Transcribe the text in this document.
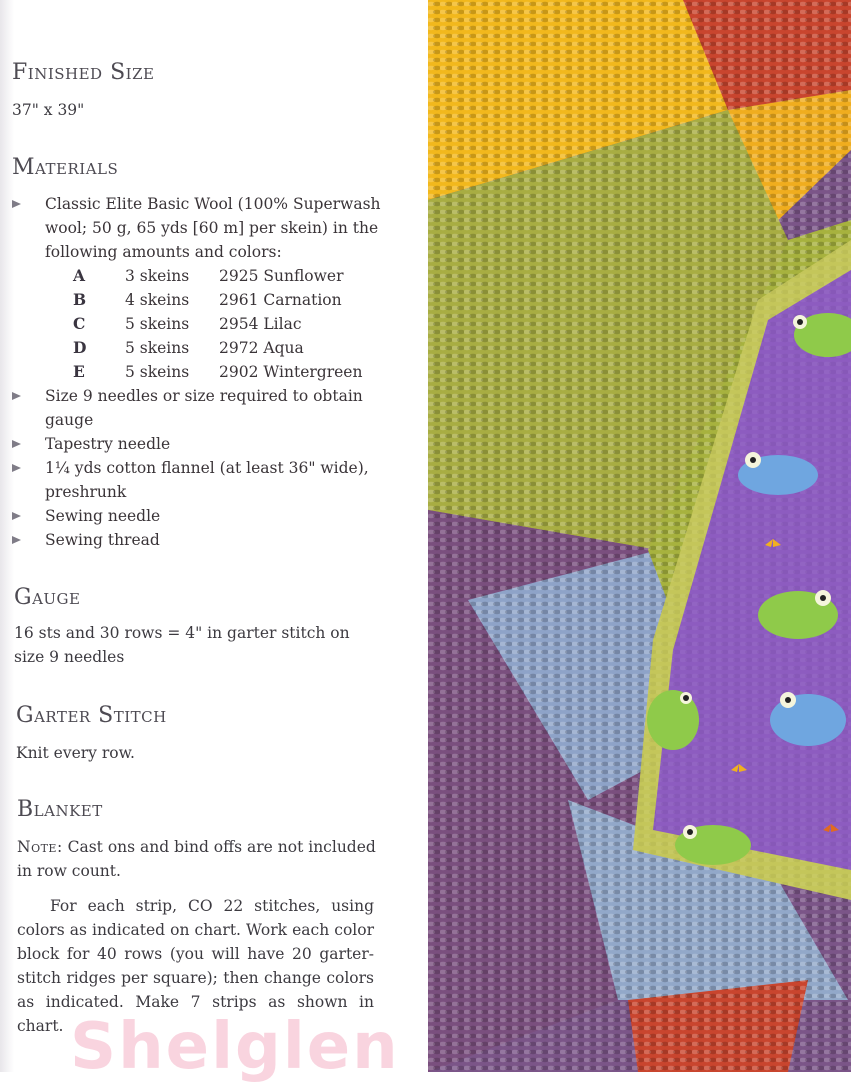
Finished Size
37" x 39"
Materials
Classic Elite Basic Wool (100% Superwash wool; 50 g, 65 yds [60 m] per skein) in the following amounts and colors:
A	3 skeins	2925 Sunflower
B	4 skeins	2961 Carnation
C	5 skeins	2954 Lilac
D	5 skeins	2972 Aqua
E	5 skeins	2902 Wintergreen
Size 9 needles or size required to obtain gauge
Tapestry needle
1¼ yds cotton flannel (at least 36" wide), preshrunk
Sewing needle
Sewing thread
Gauge
16 sts and 30 rows = 4" in garter stitch on size 9 needles
Garter Stitch
Knit every row.
Blanket
Note: Cast ons and bind offs are not included in row count.
For each strip, CO 22 stitches, using colors as indicated on chart. Work each color block for 40 rows (you will have 20 garter-stitch ridges per square); then change colors as indicated. Make 7 strips as shown in chart. Shelglen
